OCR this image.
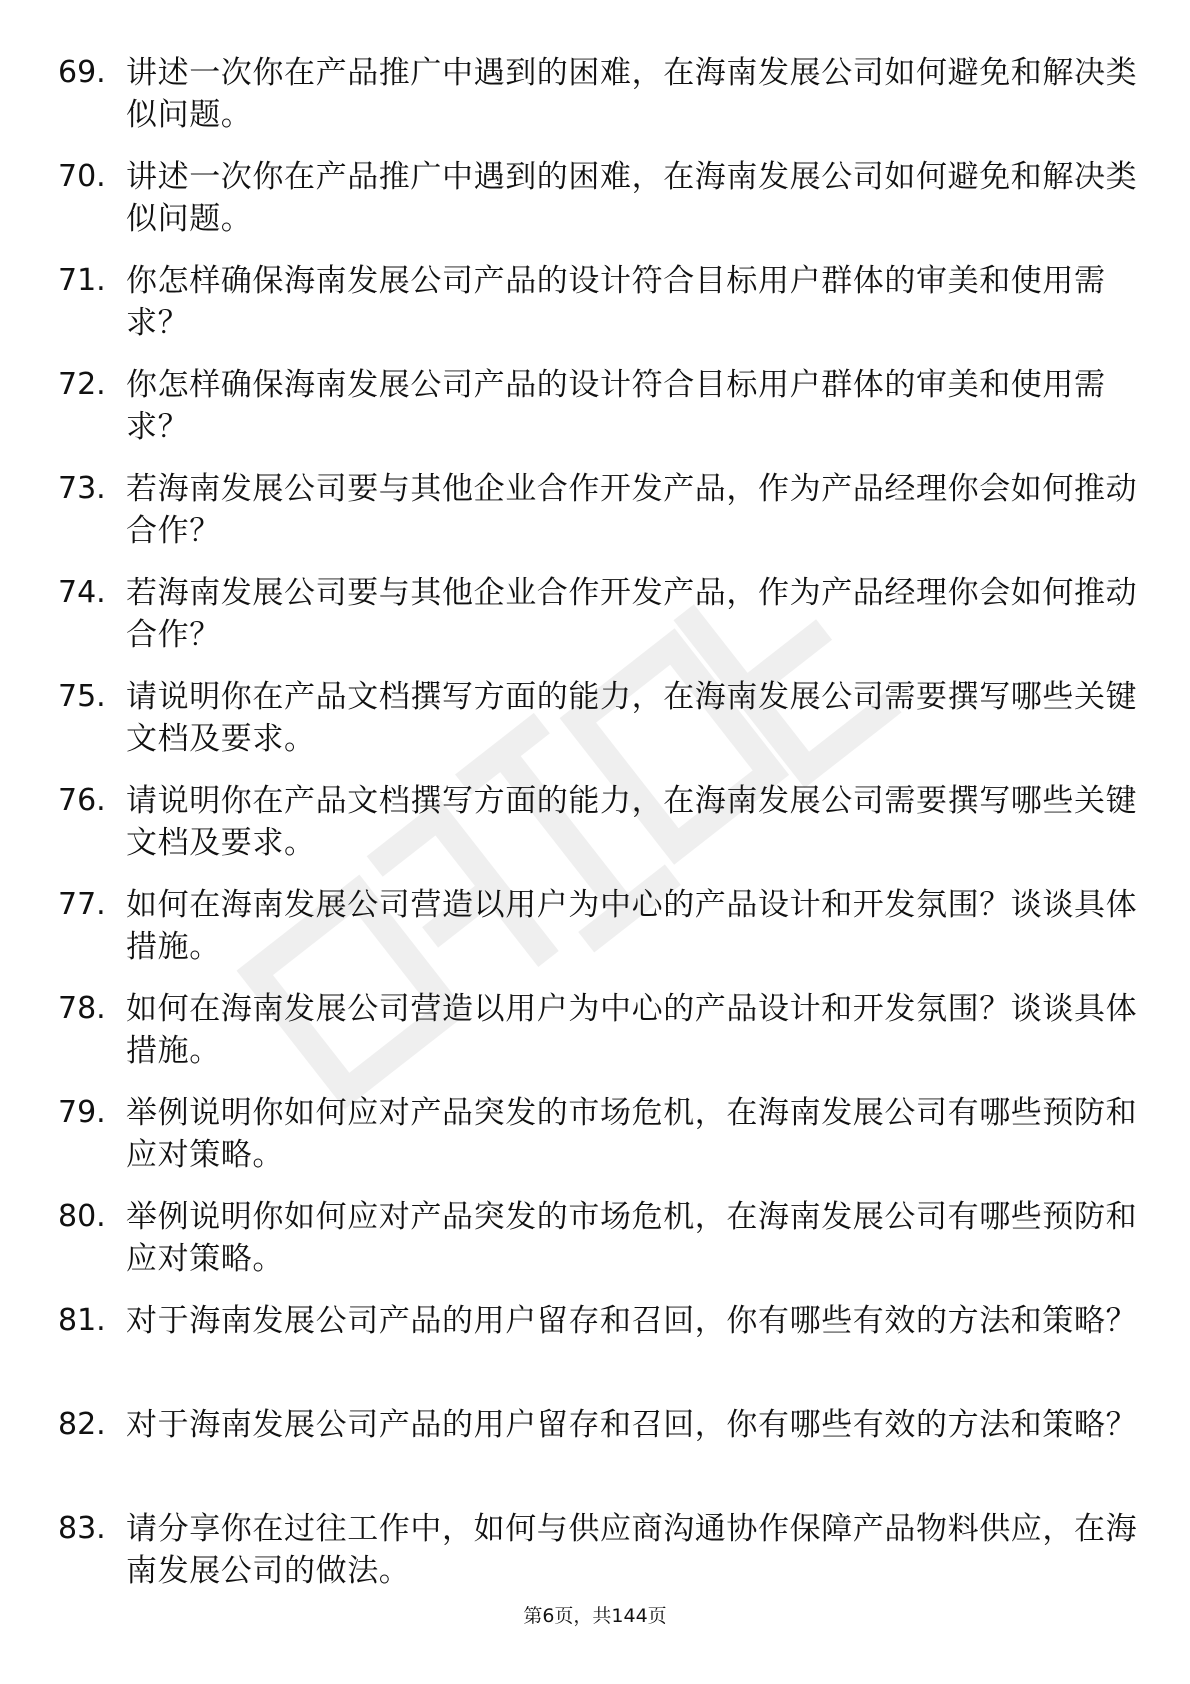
69. 讲述一次你在产品推广中遇到的困难，在海南发展公司如何避免和解决类似问题。
70. 讲述一次你在产品推广中遇到的困难，在海南发展公司如何避免和解决类似问题。
71. 你怎样确保海南发展公司产品的设计符合目标用户群体的审美和使用需求？
72. 你怎样确保海南发展公司产品的设计符合目标用户群体的审美和使用需求？
73. 若海南发展公司要与其他企业合作开发产品，作为产品经理你会如何推动合作？
74. 若海南发展公司要与其他企业合作开发产品，作为产品经理你会如何推动合作？
75. 请说明你在产品文档撰写方面的能力，在海南发展公司需要撰写哪些关键文档及要求。
76. 请说明你在产品文档撰写方面的能力，在海南发展公司需要撰写哪些关键文档及要求。
77. 如何在海南发展公司营造以用户为中心的产品设计和开发氛围？谈谈具体措施。
78. 如何在海南发展公司营造以用户为中心的产品设计和开发氛围？谈谈具体措施。
79. 举例说明你如何应对产品突发的市场危机，在海南发展公司有哪些预防和应对策略。
80. 举例说明你如何应对产品突发的市场危机，在海南发展公司有哪些预防和应对策略。
81. 对于海南发展公司产品的用户留存和召回，你有哪些有效的方法和策略？
82. 对于海南发展公司产品的用户留存和召回，你有哪些有效的方法和策略？
83. 请分享你在过往工作中，如何与供应商沟通协作保障产品物料供应，在海南发展公司的做法。
第6页，共144页
